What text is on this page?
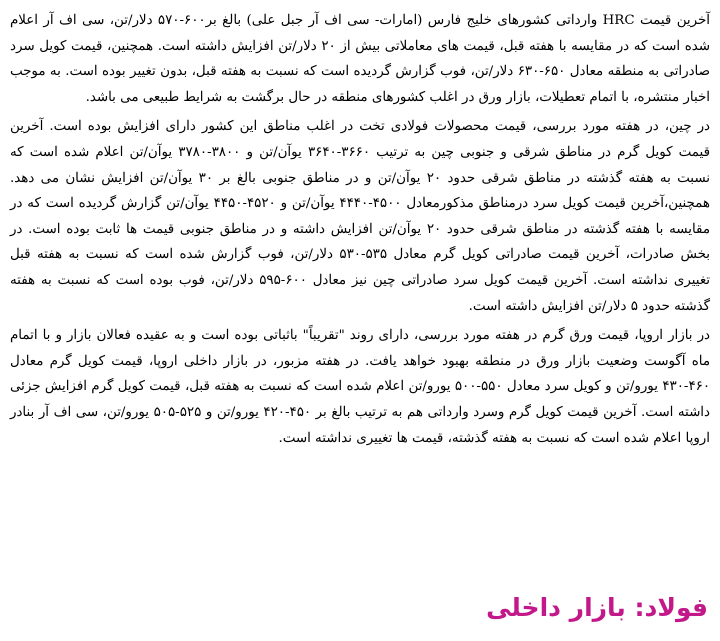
آخرین قیمت HRC وارداتی کشورهای خلیج فارس (امارات- سی اف آر جبل علی) بالغ بر۶۰۰-۵۷۰ دلار/تن، سی اف آر اعلام شده است که در مقایسه با هفته قبل، قیمت های معاملاتی بیش از ۲۰ دلار/تن افزایش داشته است. همچنین، قیمت کویل سرد صادراتی به منطقه معادل ۶۵۰-۶۳۰ دلار/تن، فوب گزارش گردیده است که نسبت به هفته قبل، بدون تغییر بوده است. به موجب اخبار منتشره، با اتمام تعطیلات، بازار ورق در اغلب کشورهای منطقه در حال برگشت به شرایط طبیعی می باشد.

در چین، در هفته مورد بررسی، قیمت محصولات فولادی تخت در اغلب مناطق این کشور دارای افزایش بوده است. آخرین قیمت کویل گرم در مناطق شرقی و جنوبی چین به ترتیب ۳۶۶۰-۳۶۴۰ یوآن/تن و ۳۸۰۰-۳۷۸۰ یوآن/تن اعلام شده است که نسبت به هفته گذشته در مناطق شرقی حدود ۲۰ یوآن/تن و در مناطق جنوبی بالغ بر ۳۰ یوآن/تن افزایش نشان می دهد. همچنین،آخرین قیمت کویل سرد درمناطق مذکورمعادل ۴۵۰۰-۴۴۴۰ یوآن/تن و ۴۵۲۰-۴۴۵۰ یوآن/تن گزارش گردیده است که در مقایسه با هفته گذشته در مناطق شرقی حدود ۲۰ یوآن/تن افزایش داشته و در مناطق جنوبی قیمت ها ثابت بوده است. در بخش صادرات، آخرین قیمت صادراتی کویل گرم معادل ۵۳۵-۵۳۰ دلار/تن، فوب گزارش شده است که نسبت به هفته قبل تغییری نداشته است. آخرین قیمت کویل سرد صادراتی چین نیز معادل ۶۰۰-۵۹۵ دلار/تن، فوب بوده است که نسبت به هفته گذشته حدود ۵ دلار/تن افزایش داشته است.

در بازار اروپا، قیمت ورق گرم در هفته مورد بررسی، دارای روند "تقریباً" باثباتی بوده است و به عقیده فعالان بازار و با اتمام ماه آگوست وضعیت بازار ورق در منطقه بهبود خواهد یافت. در هفته مزبور، در بازار داخلی اروپا، قیمت کویل گرم معادل ۴۶۰-۴۳۰ یورو/تن و کویل سرد معادل ۵۵۰-۵۰۰ یورو/تن اعلام شده است که نسبت به هفته قبل، قیمت کویل گرم افزایش جزئی داشته است. آخرین قیمت کویل گرم وسرد وارداتی هم به ترتیب بالغ بر ۴۵۰-۴۲۰ یورو/تن و ۵۲۵-۵۰۵ یورو/تن، سی اف آر بنادر اروپا اعلام شده است که نسبت به هفته گذشته، قیمت ها تغییری نداشته است.

فولاد: بازار داخلی
